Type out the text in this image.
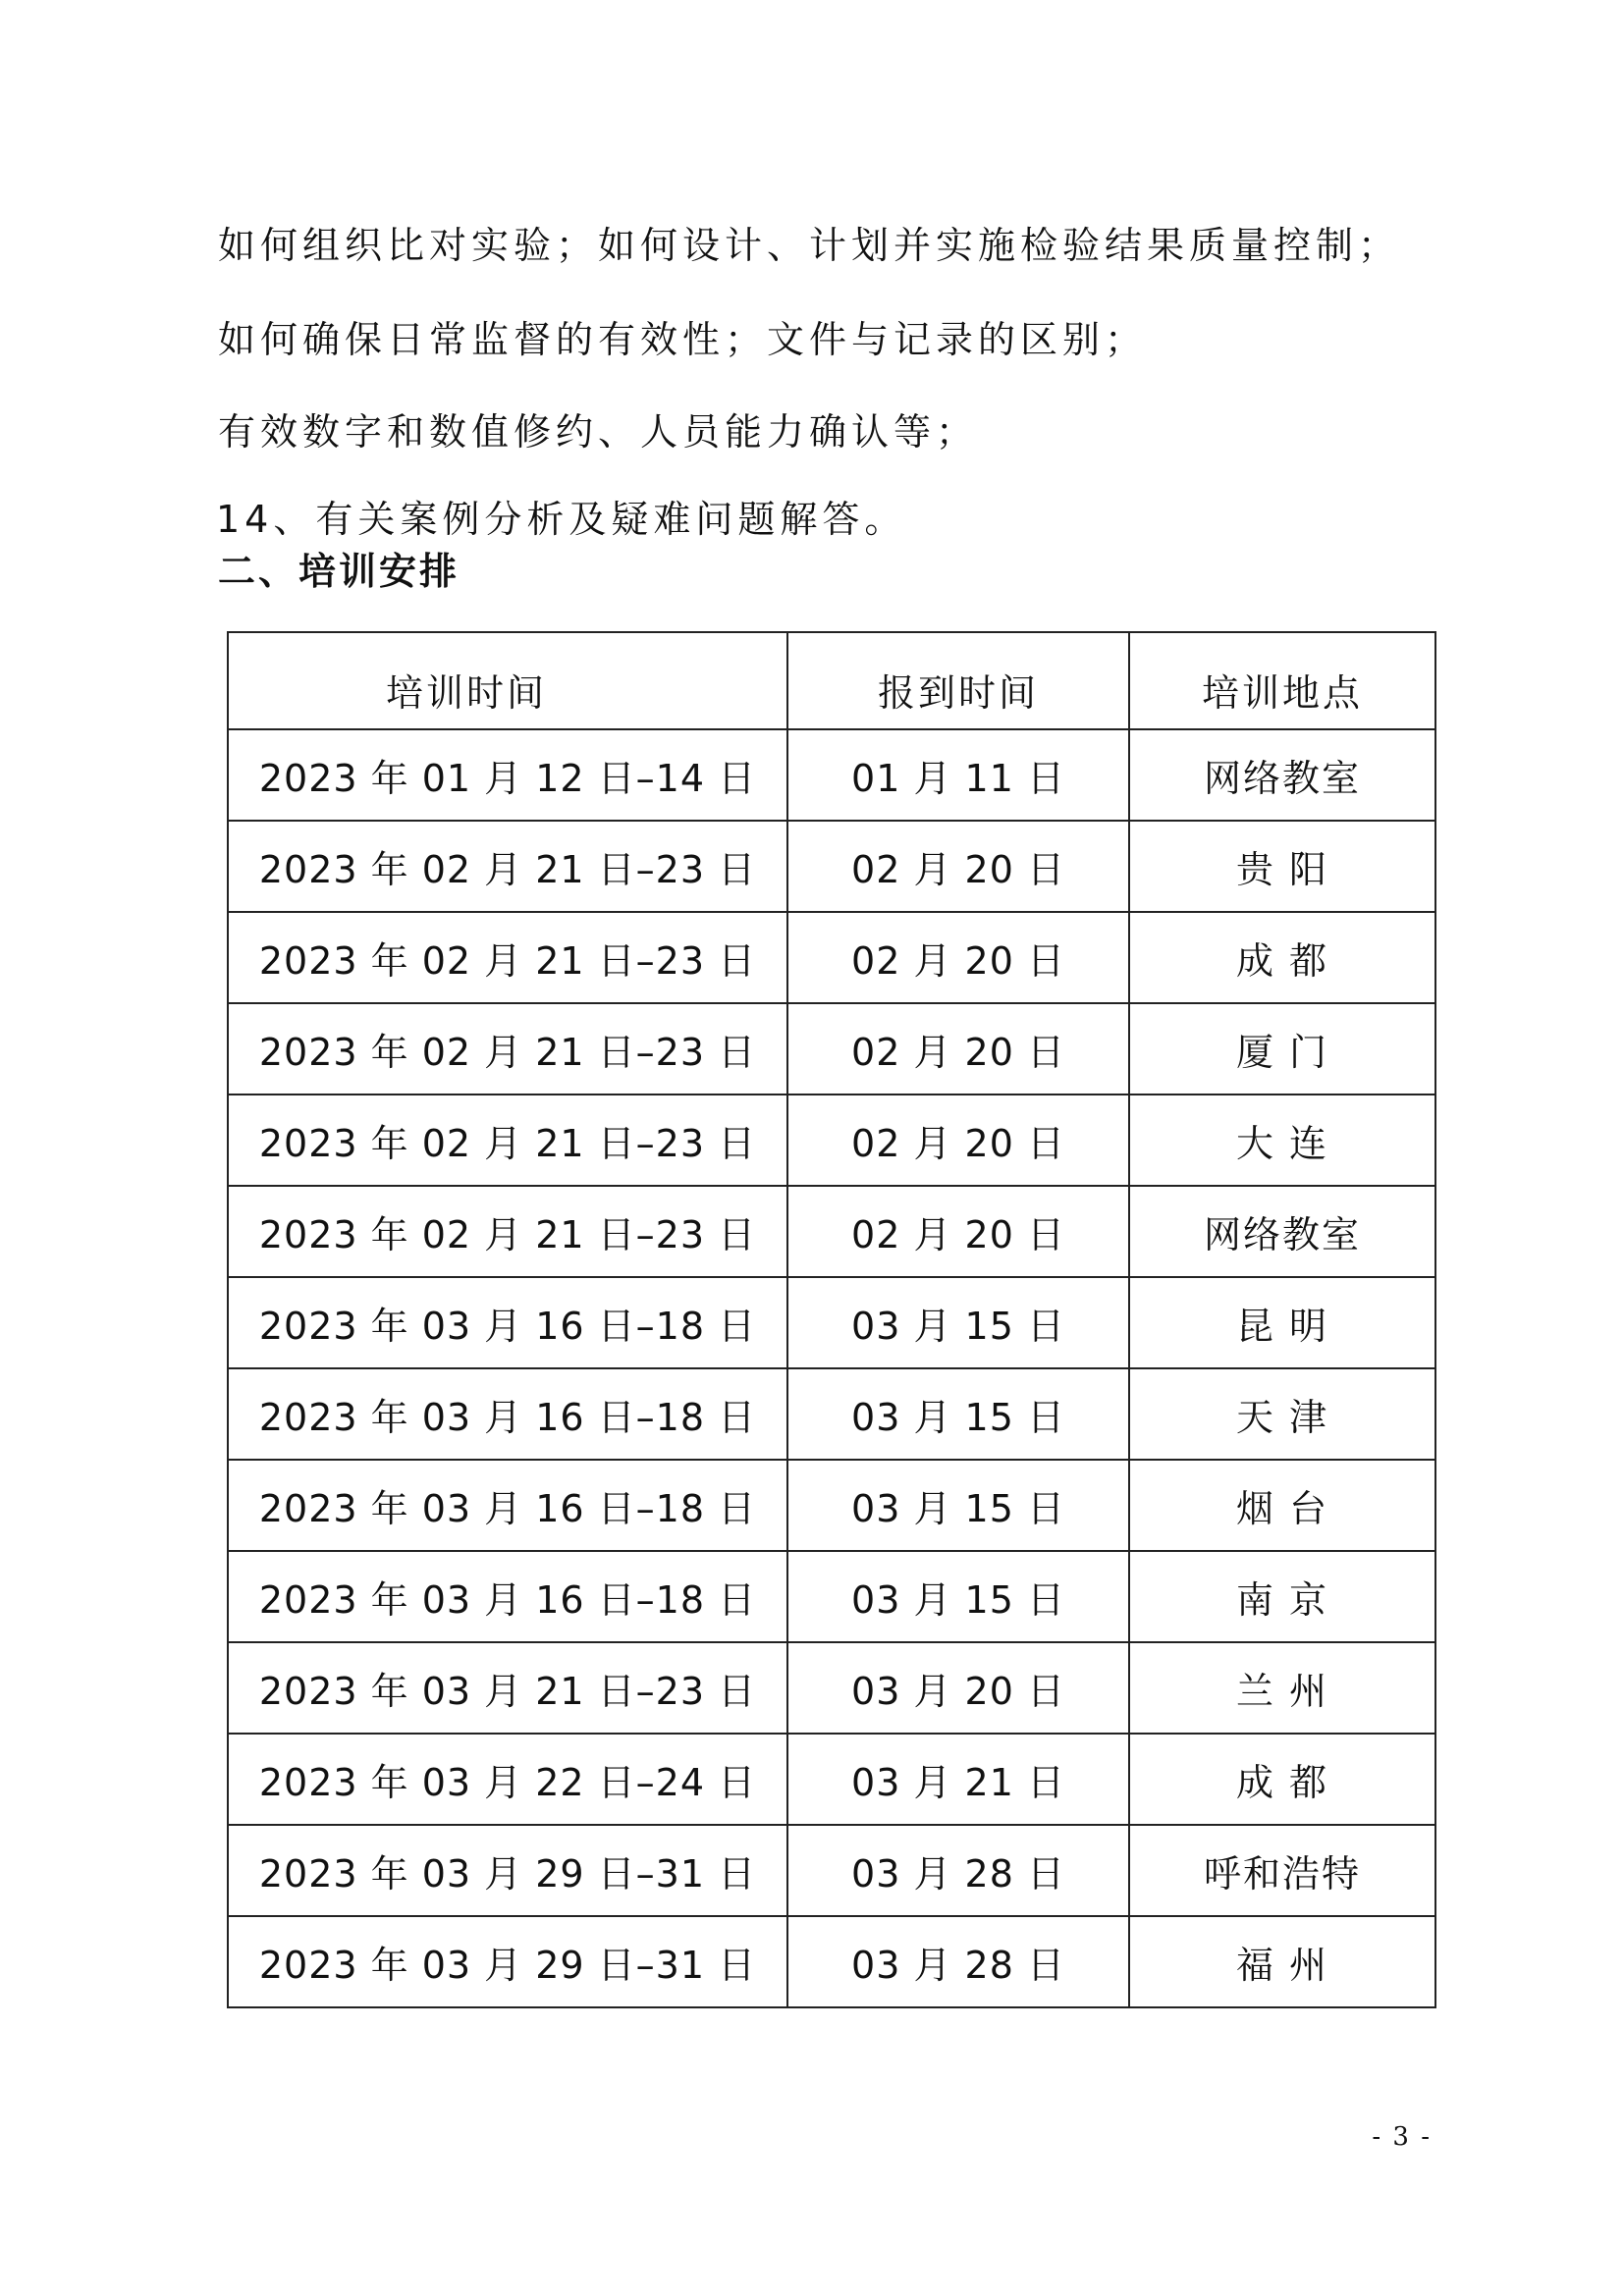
如何组织比对实验；如何设计、计划并实施检验结果质量控制；

如何确保日常监督的有效性；文件与记录的区别；

有效数字和数值修约、人员能力确认等；

14、有关案例分析及疑难问题解答。

二、培训安排
培训时间	报到时间	培训地点
2023 年 01 月 12 日–14 日	01 月 11 日	网络教室
2023 年 02 月 21 日–23 日	02 月 20 日	贵 阳
2023 年 02 月 21 日–23 日	02 月 20 日	成 都
2023 年 02 月 21 日–23 日	02 月 20 日	厦 门
2023 年 02 月 21 日–23 日	02 月 20 日	大 连
2023 年 02 月 21 日–23 日	02 月 20 日	网络教室
2023 年 03 月 16 日–18 日	03 月 15 日	昆 明
2023 年 03 月 16 日–18 日	03 月 15 日	天 津
2023 年 03 月 16 日–18 日	03 月 15 日	烟 台
2023 年 03 月 16 日–18 日	03 月 15 日	南 京
2023 年 03 月 21 日–23 日	03 月 20 日	兰 州
2023 年 03 月 22 日–24 日	03 月 21 日	成 都
2023 年 03 月 29 日–31 日	03 月 28 日	呼和浩特
2023 年 03 月 29 日–31 日	03 月 28 日	福 州
- 3 -
